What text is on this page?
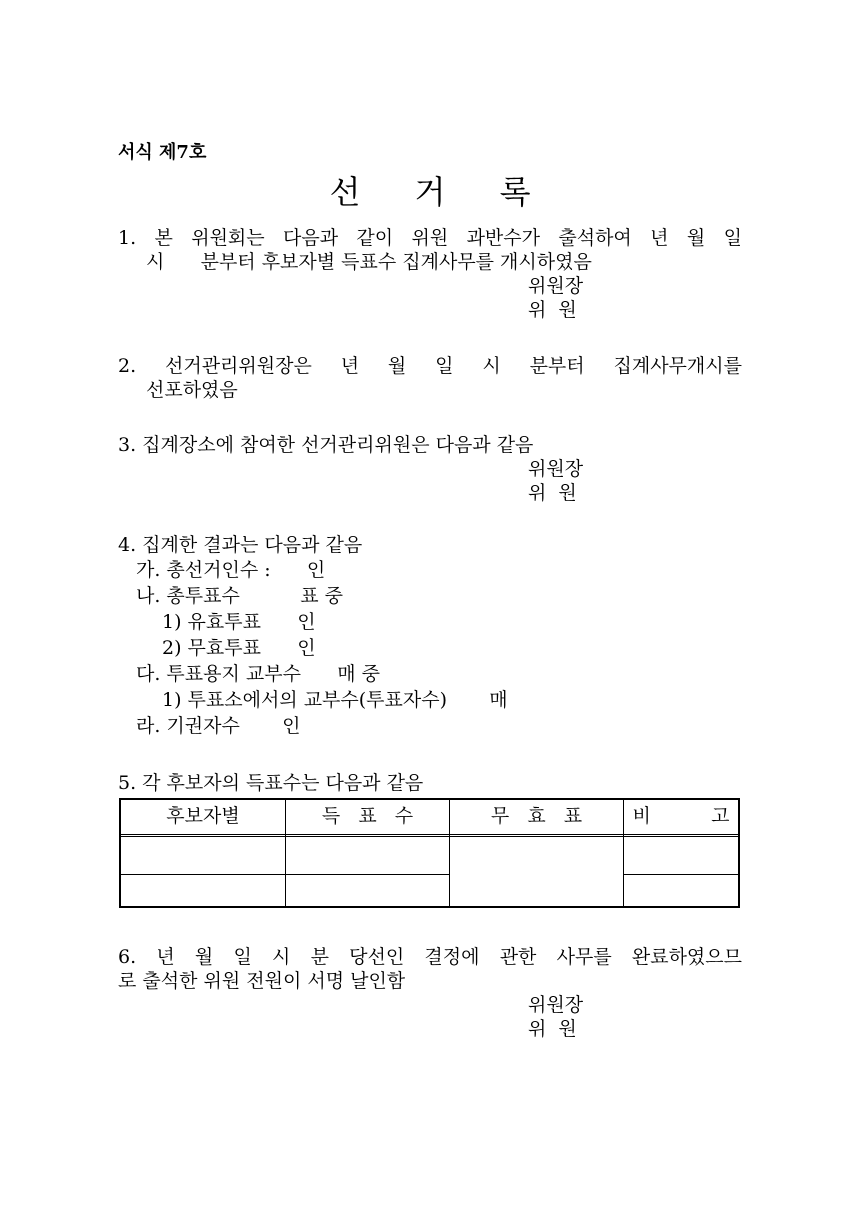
서식 제7호
선 거 록
1. 본 위원회는 다음과 같이 위원 과반수가 출석하여 년 월 일
시      분부터 후보자별 득표수 집계사무를 개시하였음
위원장
위  원
2. 선거관리위원장은 년 월 일 시 분부터 집계사무개시를
선포하였음
3. 집계장소에 참여한 선거관리위원은 다음과 같음
위원장
위  원
4. 집계한 결과는 다음과 같음
가. 총선거인수 :      인
나. 총투표수          표 중
1) 유효투표      인
2) 무효투표      인
다. 투표용지 교부수      매 중
1) 투표소에서의 교부수(투표자수)       매
라. 기권자수       인
5. 각 후보자의 득표수는 다음과 같음
후보자별	득   표   수	무   효   표	비          고
6. 년 월 일 시 분 당선인 결정에 관한 사무를 완료하였으므
로 출석한 위원 전원이 서명 날인함
위원장
위  원
